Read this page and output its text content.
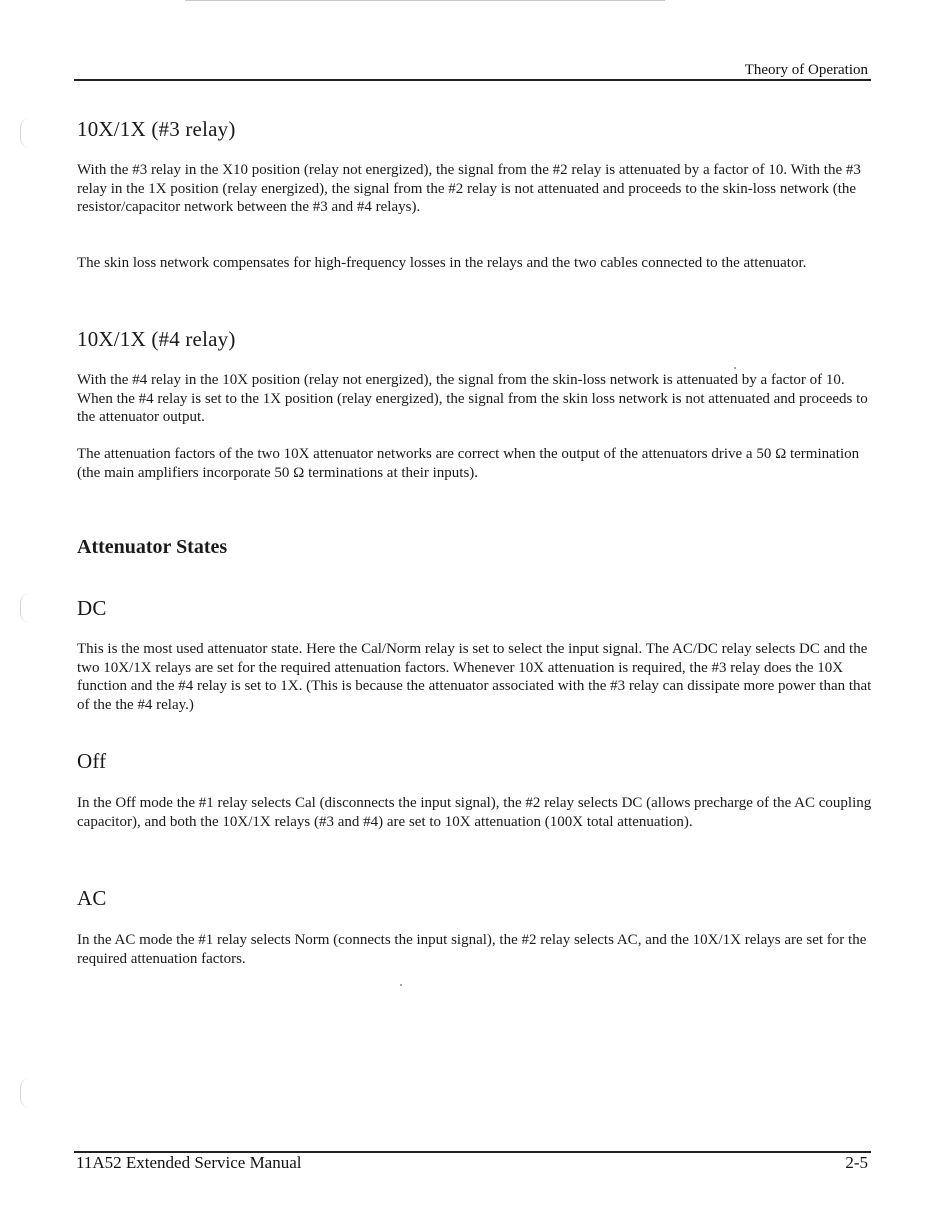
Theory of Operation
10X/1X (#3 relay)

With the #3 relay in the X10 position (relay not energized), the signal from the #2 relay is attenuated by a factor of 10. With the #3 relay in the 1X position (relay energized), the signal from the #2 relay is not attenuated and proceeds to the skin-loss network (the resistor/capacitor network between the #3 and #4 relays).

The skin loss network compensates for high-frequency losses in the relays and the two cables connected to the attenuator.

10X/1X (#4 relay)

With the #4 relay in the 10X position (relay not energized), the signal from the skin-loss network is attenuated by a factor of 10. When the #4 relay is set to the 1X position (relay energized), the signal from the skin loss network is not attenuated and proceeds to the attenuator output.

The attenuation factors of the two 10X attenuator networks are correct when the output of the attenuators drive a 50 Ω termination (the main amplifiers incorporate 50 Ω terminations at their inputs).

Attenuator States
DC

This is the most used attenuator state. Here the Cal/Norm relay is set to select the input signal. The AC/DC relay selects DC and the two 10X/1X relays are set for the required attenuation factors. Whenever 10X attenuation is required, the #3 relay does the 10X function and the #4 relay is set to 1X. (This is because the attenuator associated with the #3 relay can dissipate more power than that of the the #4 relay.)

Off

In the Off mode the #1 relay selects Cal (disconnects the input signal), the #2 relay selects DC (allows precharge of the AC coupling capacitor), and both the 10X/1X relays (#3 and #4) are set to 10X attenuation (100X total attenuation).

AC

In the AC mode the #1 relay selects Norm (connects the input signal), the #2 relay selects AC, and the 10X/1X relays are set for the required attenuation factors.

11A52 Extended Service Manual	2-5
